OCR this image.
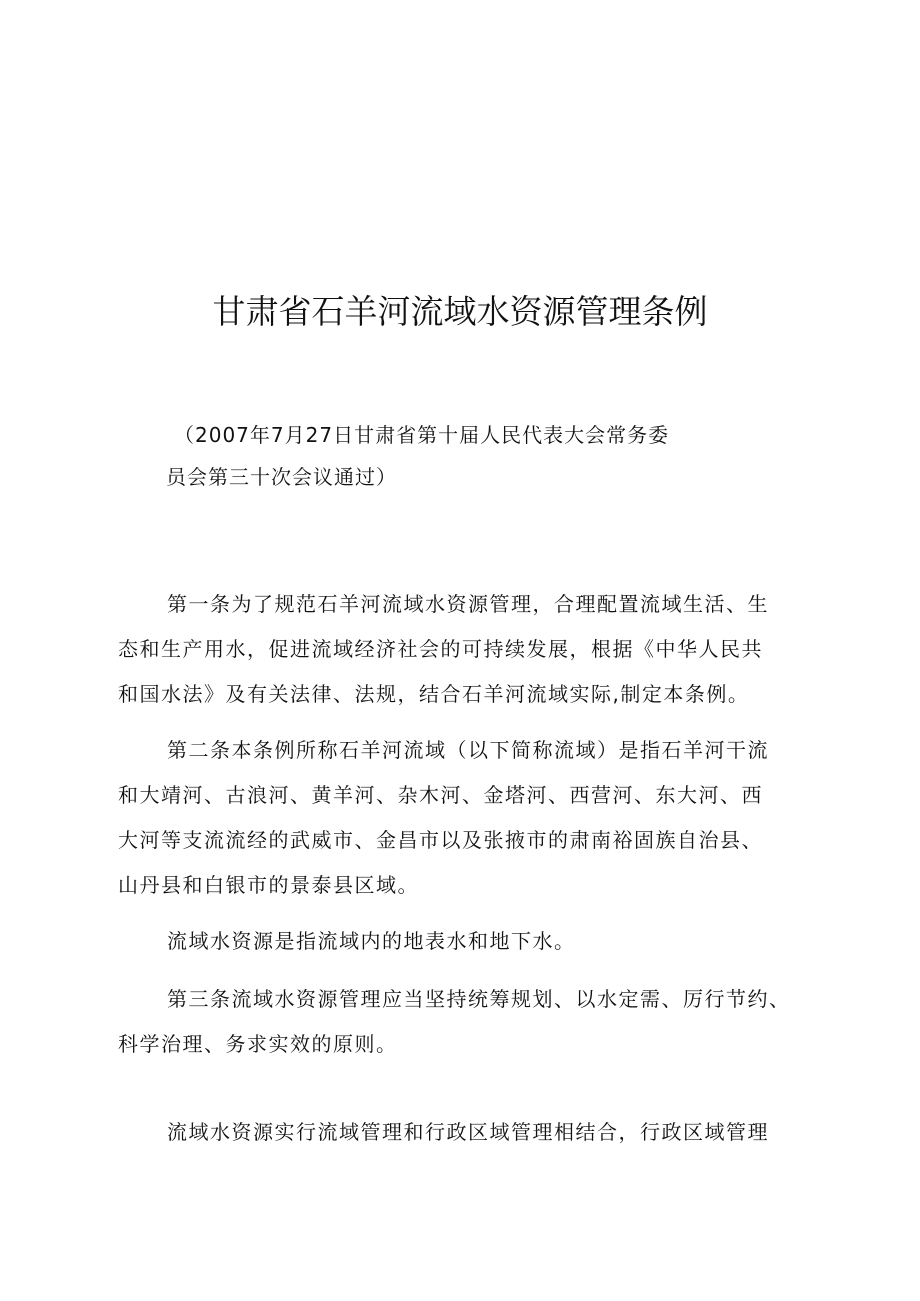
甘肃省石羊河流域水资源管理条例
（2007年7月27日甘肃省第十届人民代表大会常务委
员会第三十次会议通过）
第一条为了规范石羊河流域水资源管理，合理配置流域生活、生
态和生产用水，促进流域经济社会的可持续发展，根据《中华人民共
和国水法》及有关法律、法规，结合石羊河流域实际,制定本条例。
第二条本条例所称石羊河流域（以下简称流域）是指石羊河干流
和大靖河、古浪河、黄羊河、杂木河、金塔河、西营河、东大河、西
大河等支流流经的武威市、金昌市以及张掖市的肃南裕固族自治县、
山丹县和白银市的景泰县区域。
流域水资源是指流域内的地表水和地下水。
第三条流域水资源管理应当坚持统筹规划、以水定需、厉行节约、
科学治理、务求实效的原则。
流域水资源实行流域管理和行政区域管理相结合，行政区域管理
